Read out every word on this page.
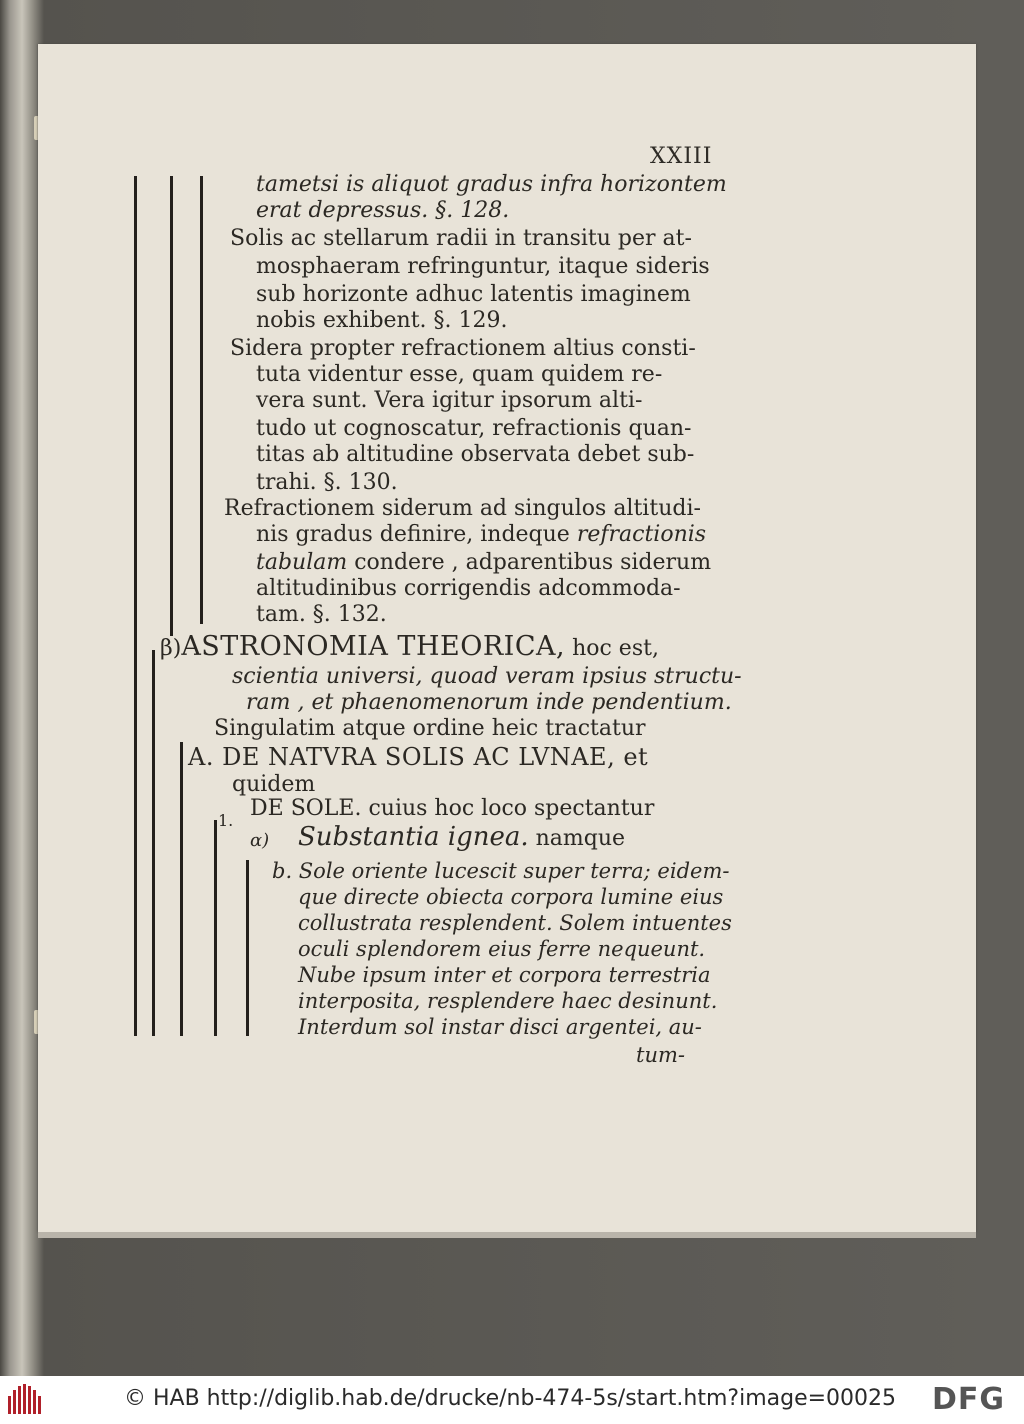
XXIII
tametsi is aliquot gradus infra horizontem
erat depressus. §. 128.
Solis ac stellarum radii in transitu per at-
mosphaeram refringuntur, itaque sideris
sub horizonte adhuc latentis imaginem
nobis exhibent. §. 129.
Sidera propter refractionem altius consti-
tuta videntur esse, quam quidem re-
vera sunt. Vera igitur ipsorum alti-
tudo ut cognoscatur, refractionis quan-
titas ab altitudine observata debet sub-
trahi. §. 130.
Refractionem siderum ad singulos altitudi-
nis gradus definire, indeque refractionis
tabulam condere , adparentibus siderum
altitudinibus corrigendis adcommoda-
tam. §. 132.
β)ASTRONOMIA THEORICA, hoc est,
scientia universi, quoad veram ipsius structu-
ram , et phaenomenorum inde pendentium.
Singulatim atque ordine heic tractatur
A. DE NATVRA SOLIS AC LVNAE, et
quidem
1. DE SOLE. cuius hoc loco spectantur
α) Substantia ignea. namque
b. Sole oriente lucescit super terra; eidem-
que directe obiecta corpora lumine eius
collustrata resplendent. Solem intuentes
oculi splendorem eius ferre nequeunt.
Nube ipsum inter et corpora terrestria
interposita, resplendere haec desinunt.
Interdum sol instar disci argentei, au-
tum-
© HAB http://diglib.hab.de/drucke/nb-474-5s/start.htm?image=00025 DFG
